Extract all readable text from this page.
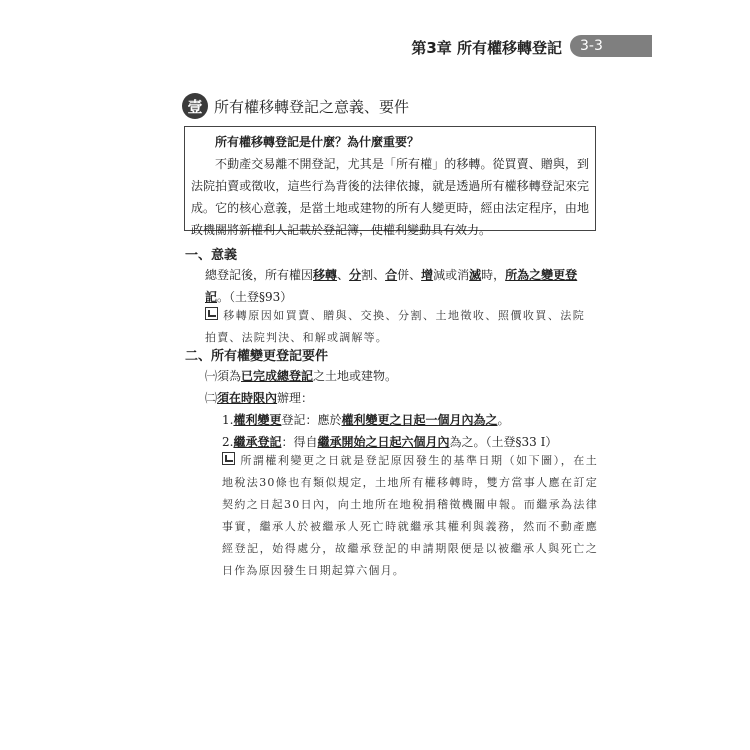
第3章 所有權移轉登記	3-3
壹 所有權移轉登記之意義、要件
所有權移轉登記是什麼？為什麼重要？
不動產交易離不開登記，尤其是「所有權」的移轉。從買賣、贈與，到法院拍賣或徵收，這些行為背後的法律依據，就是透過所有權移轉登記來完成。它的核心意義，是當土地或建物的所有人變更時，經由法定程序，由地政機關將新權利人記載於登記簿，使權利變動具有效力。
一、意義
總登記後，所有權因移轉、分割、合併、增減或消滅時，所為之變更登
記。（土登§93）
移轉原因如買賣、贈與、交換、分割、土地徵收、照價收買、法院拍賣、法院判決、和解或調解等。
二、所有權變更登記要件
㈠須為已完成總登記之土地或建物。
㈡須在時限內辦理：
1.權利變更登記：應於權利變更之日起一個月內為之。
2.繼承登記：得自繼承開始之日起六個月內為之。（土登§33 I）
所謂權利變更之日就是登記原因發生的基準日期（如下圖），在土地稅法30條也有類似規定，土地所有權移轉時，雙方當事人應在訂定契約之日起30日內，向土地所在地稅捐稽徵機關申報。而繼承為法律事實，繼承人於被繼承人死亡時就繼承其權利與義務，然而不動產應經登記，始得處分，故繼承登記的申請期限便是以被繼承人與死亡之日作為原因發生日期起算六個月。
